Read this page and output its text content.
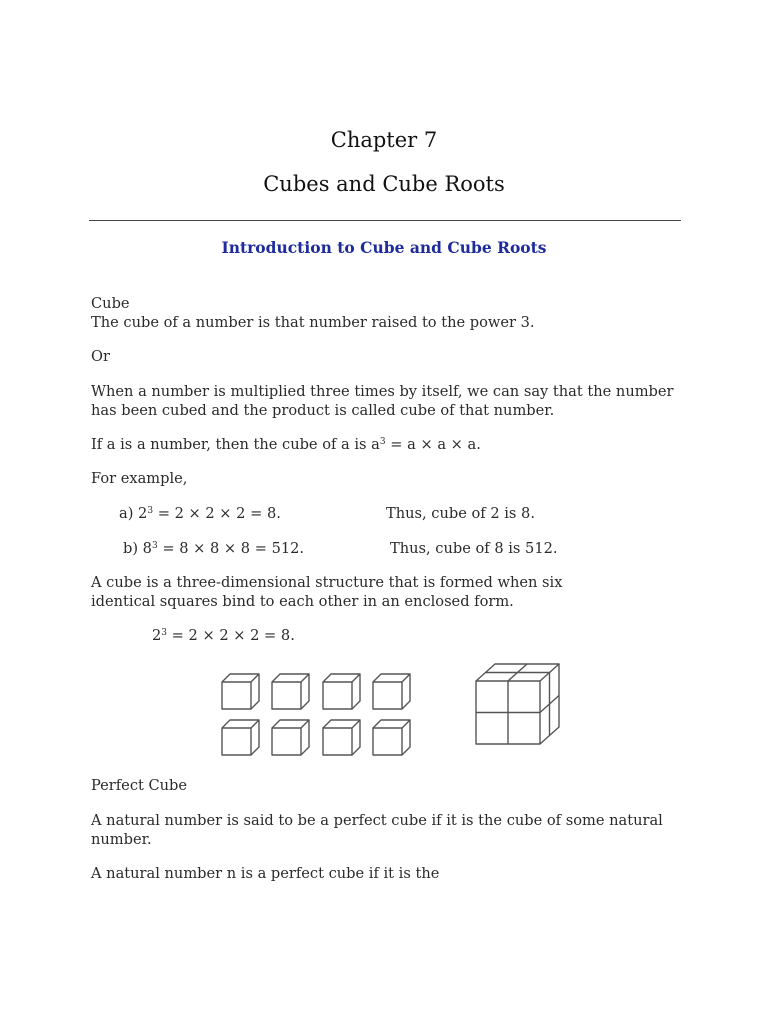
Chapter 7
Cubes and Cube Roots
Introduction to Cube and Cube Roots

Cube

The cube of a number is that number raised to the power 3.

Or

When a number is multiplied three times by itself, we can say that the number

has been cubed and the product is called cube of that number.

If a is a number, then the cube of a is $a^3 = a \times a \times a$.

For example,

a) $2^3 = 2 \times 2 \times 2 = 8$.	Thus, cube of 2 is 8.

b) $8^3 = 8 \times 8 \times 8 = 512$.	Thus, cube of 8 is 512.

A cube is a three-dimensional structure that is formed when six

identical squares bind to each other in an enclosed form.

$2^3 = 2 \times 2 \times 2 = 8$.

Perfect Cube

A natural number is said to be a perfect cube if it is the cube of some natural

number.

A natural number n is a perfect cube if it is the
